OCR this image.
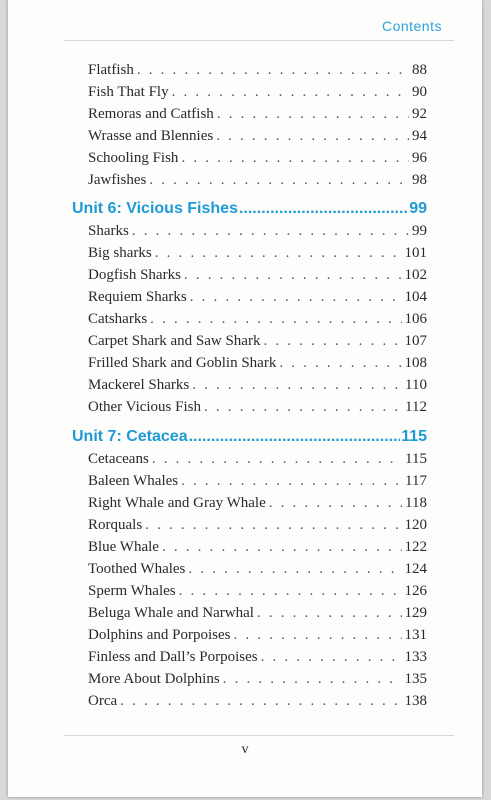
Contents
Flatfish . . .	88
Fish That Fly . . .	90
Remoras and Catfish . . .	92
Wrasse and Blennies . . .	94
Schooling Fish . . .	96
Jawfishes . . .	98
Unit 6: Vicious Fishes .....	99
Sharks . . .	99
Big sharks . . .	101
Dogfish Sharks . . .	102
Requiem Sharks . . .	104
Catsharks . . .	106
Carpet Shark and Saw Shark . . .	107
Frilled Shark and Goblin Shark . . .	108
Mackerel Sharks . . .	110
Other Vicious Fish . . .	112
Unit 7: Cetacea .....	115
Cetaceans . . .	115
Baleen Whales . . .	117
Right Whale and Gray Whale . . .	118
Rorquals . . .	120
Blue Whale . . .	122
Toothed Whales . . .	124
Sperm Whales . . .	126
Beluga Whale and Narwhal . . .	129
Dolphins and Porpoises . . .	131
Finless and Dall’s Porpoises . . .	133
More About Dolphins . . .	135
Orca . . .	138
v
